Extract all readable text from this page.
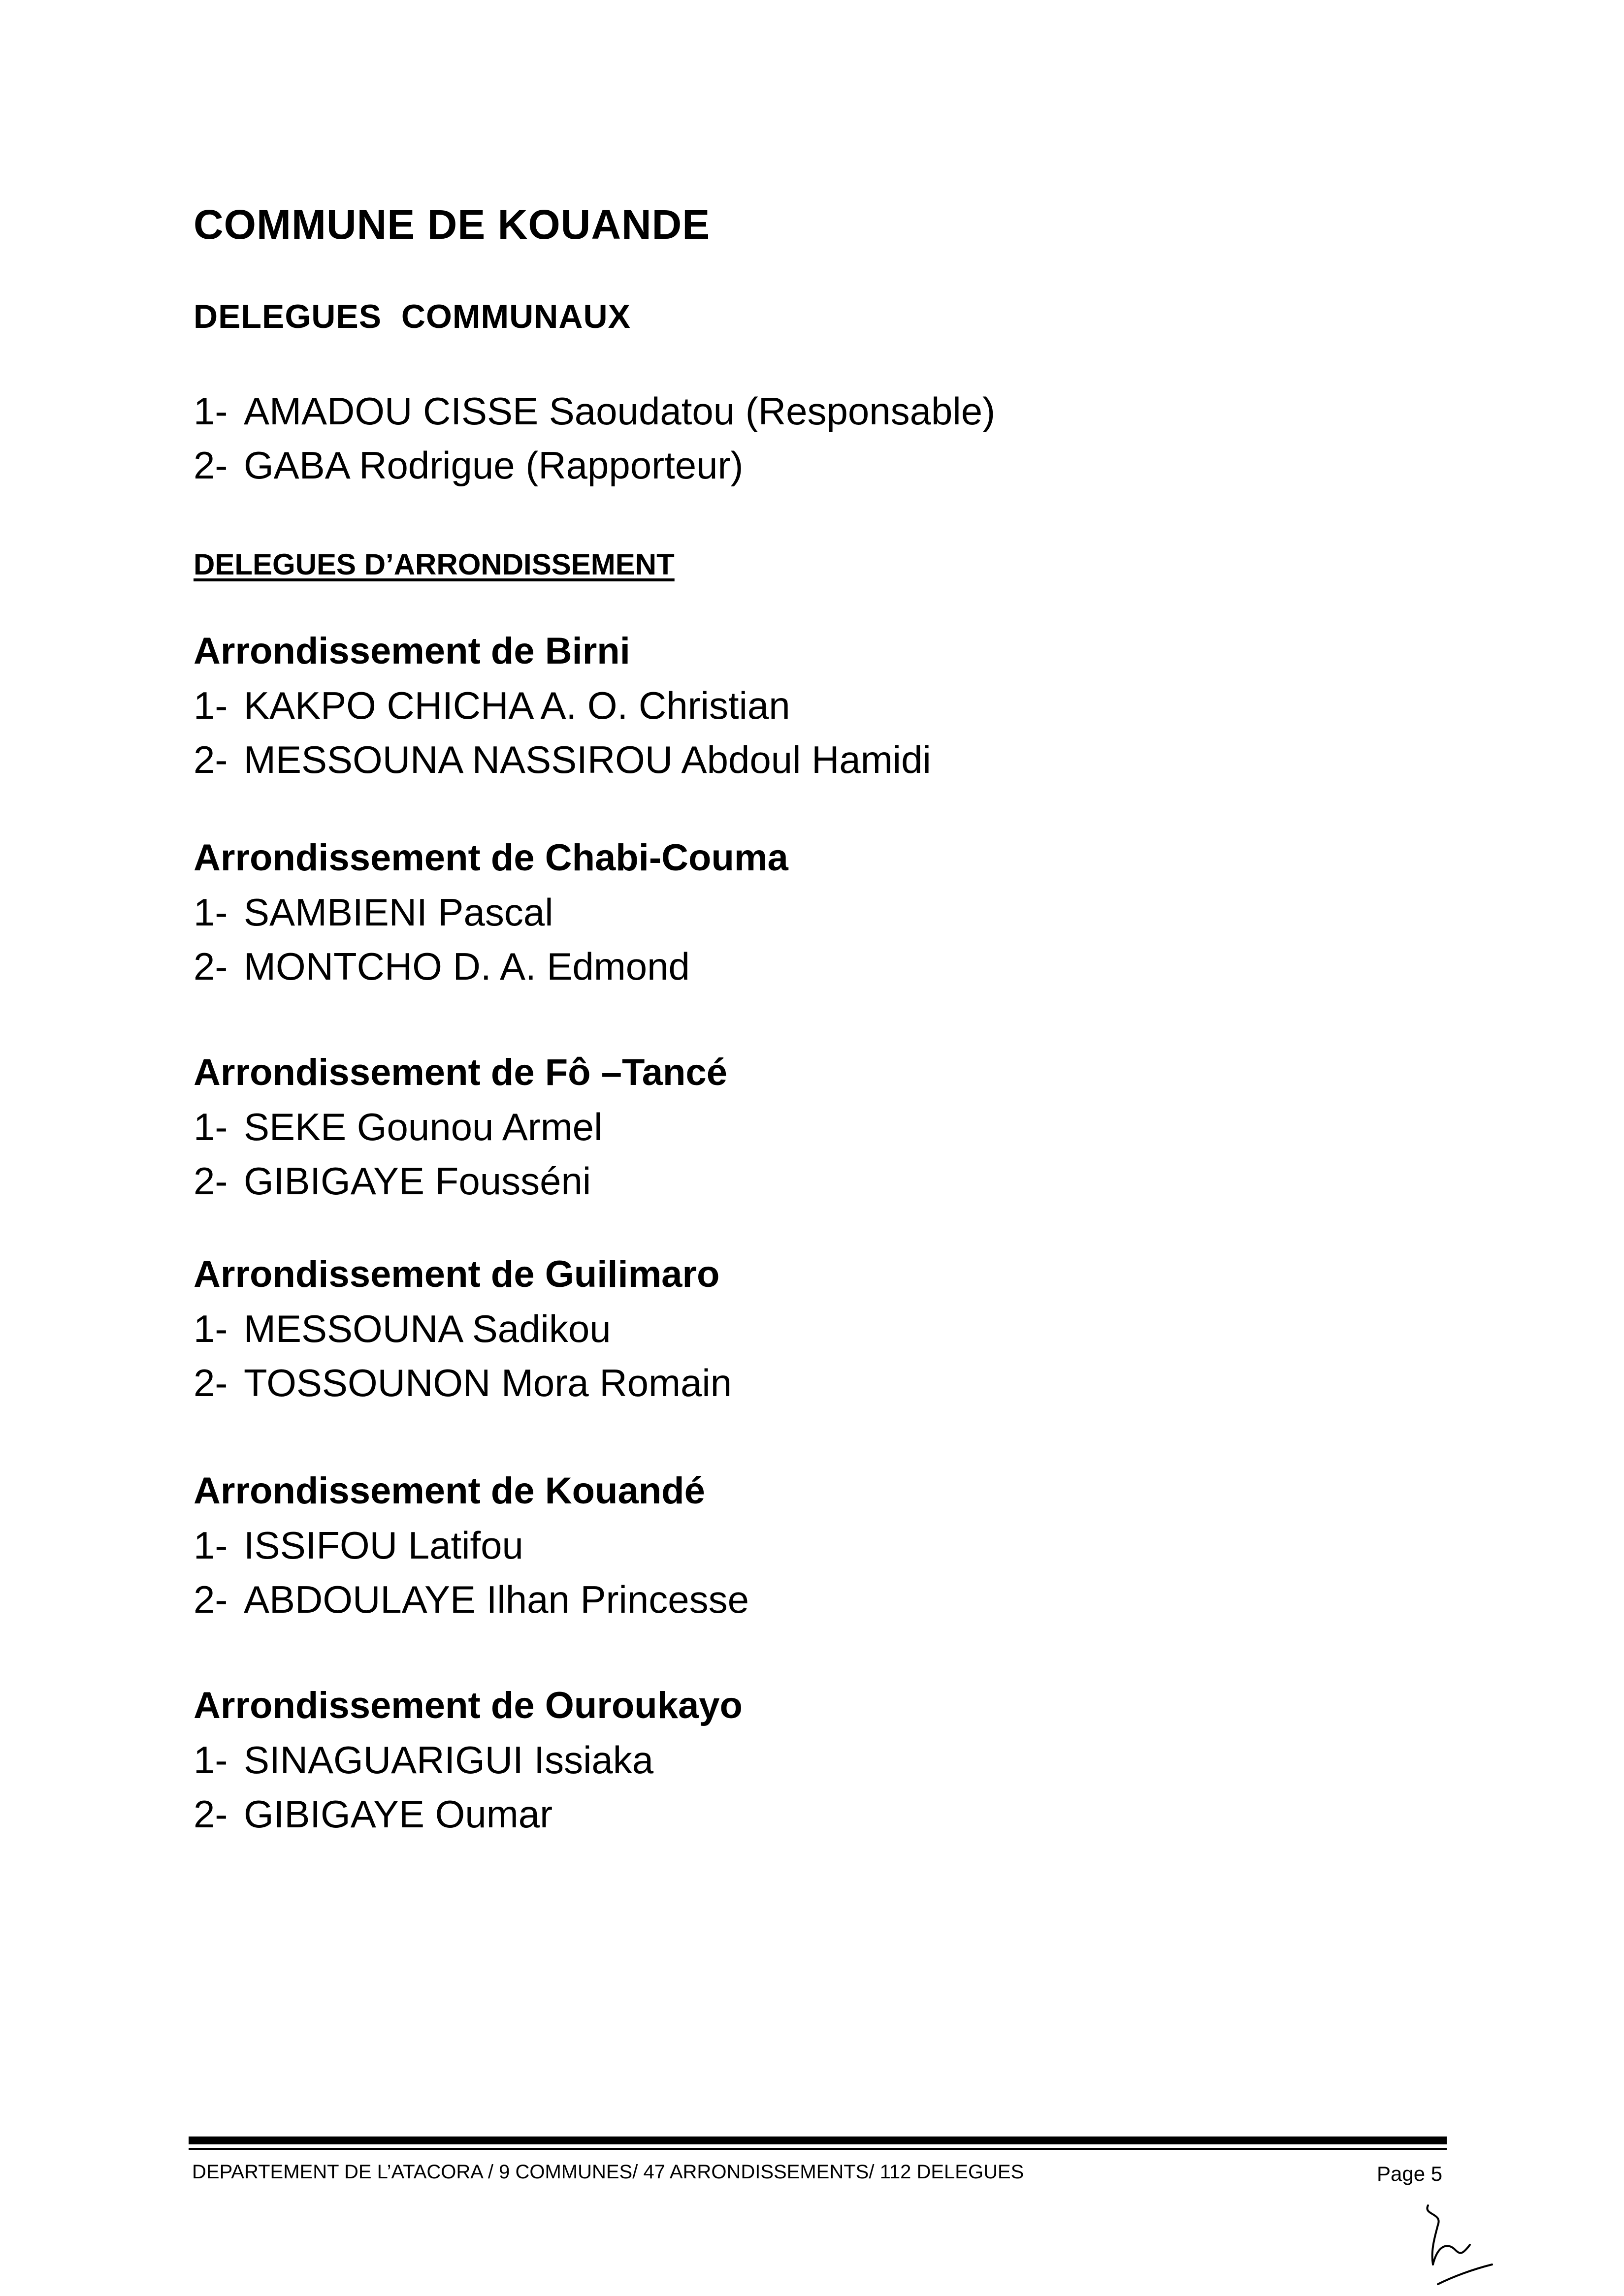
COMMUNE DE KOUANDE
DELEGUES  COMMUNAUX
1- AMADOU CISSE Saoudatou (Responsable)
2- GABA Rodrigue (Rapporteur)
DELEGUES D’ARRONDISSEMENT
Arrondissement de Birni
1- KAKPO CHICHA A. O. Christian
2- MESSOUNA NASSIROU Abdoul Hamidi
Arrondissement de Chabi-Couma
1- SAMBIENI Pascal
2- MONTCHO D. A. Edmond
Arrondissement de Fô –Tancé
1- SEKE Gounou Armel
2- GIBIGAYE Fousséni
Arrondissement de Guilimaro
1- MESSOUNA Sadikou
2- TOSSOUNON Mora Romain
Arrondissement de Kouandé
1- ISSIFOU Latifou
2- ABDOULAYE Ilhan Princesse
Arrondissement de Ouroukayo
1- SINAGUARIGUI Issiaka
2- GIBIGAYE Oumar
DEPARTEMENT DE L’ATACORA / 9 COMMUNES/ 47 ARRONDISSEMENTS/ 112 DELEGUES	Page 5
